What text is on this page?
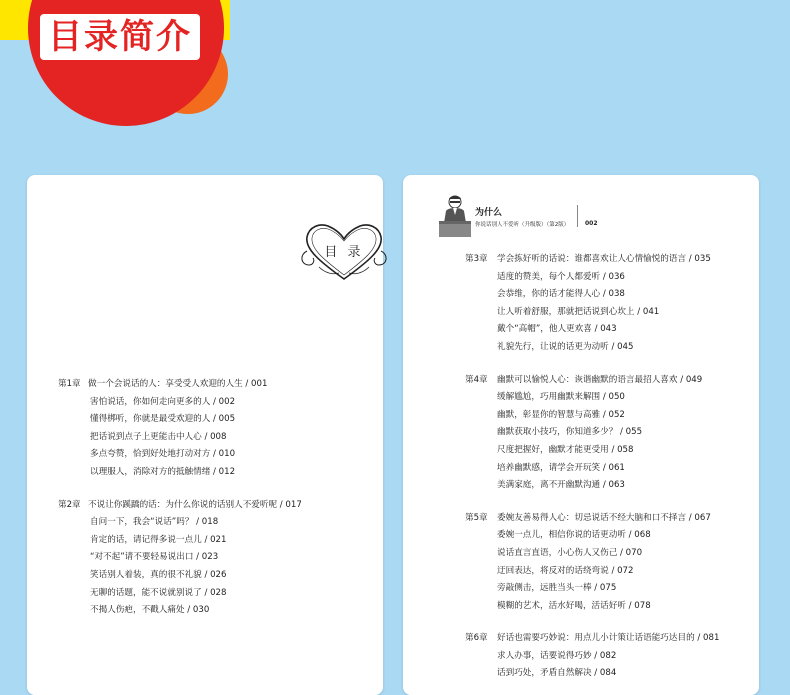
目录简介
目 录
第1章 做一个会说话的人：享受受人欢迎的人生 / 001
害怕说话，你如何走向更多的人 / 002
懂得梆听，你就是最受欢迎的人 / 005
把话说到点子上更能击中人心 / 008
多点夸赞，恰到好处地打动对方 / 010
以理服人，消除对方的抵触情绪 / 012
第2章 不说让你蹊蹻的话：为什么你说的话别人不爱听呢 / 017
自问一下，我会“说话”吗？ / 018
肯定的话，请记得多说一点儿 / 021
“对不起”请不要轻易说出口 / 023
笑话别人着装，真的很不礼貌 / 026
无聊的话题，能不说就别说了 / 028
不揭人伤疤，不戳人痛处 / 030
为什么
你说话别人不爱听（升级版）（第2版）	002
第3章	学会拣好听的话说：谁都喜欢让人心情愉悦的语言 / 035
适度的赞美，每个人都爱听 / 036
会恭维，你的话才能得人心 / 038
让人听着舒服，那就把话说到心坎上 / 041
戴个“高帽”，他人更欢喜 / 043
礼貌先行，让说的话更为动听 / 045
第4章	幽默可以愉悦人心：诙谐幽默的语言最招人喜欢 / 049
缓解尴尬，巧用幽默来解围 / 050
幽默，彰显你的智慧与高雅 / 052
幽默获取小技巧，你知道多少？ / 055
尺度把握好，幽默才能更受用 / 058
培养幽默感，请学会开玩笑 / 061
美满家庭，离不开幽默沟通 / 063
第5章	委婉友善易得人心：切忌说话不经大脑和口不择言 / 067
委婉一点儿，相信你说的话更动听 / 068
说话直言直语，小心伤人又伤己 / 070
迂回表达，将反对的话绕弯说 / 072
旁敲侧击，远胜当头一棒 / 075
模糊的艺术，活水好喝，活话好听 / 078
第6章	好话也需要巧妙说：用点儿小计策让话语能巧达目的 / 081
求人办事，话要说得巧妙 / 082
话到巧处，矛盾自然解决 / 084
